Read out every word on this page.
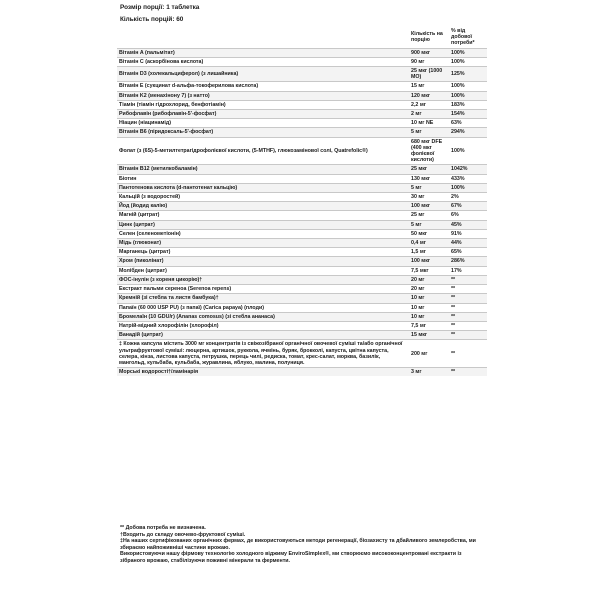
Розмір порції: 1 таблетка
Кількість порцій: 60
	Кількість на порцію	% від добової потреби*
Вітамін A (пальмітат)	900 мкг	100%
Вітамін C (аскорбінова кислота)	90 мг	100%
Вітамін D3 (холекальциферол) (з лишайника)	25 мкг (1000 МО)	125%
Вітамін E (сукцинат d-альфа-токоферилова кислота)	15 мг	100%
Вітамін K2 (менахінону 7) (з натто)	120 мкг	100%
Тіамін (тіамін гідрохлорид, бенфотіамін)	2,2 мг	183%
Рибофлавін (рибофлавін-5'-фосфат)	2 мг	154%
Ніацин (ніацинамід)	10 мг NE	63%
Вітамін B6 (піридоксаль-5'-фосфат)	5 мг	294%
Фолат (з (6S)-5-метилтетрагідрофолієвої кислоти, (5-MTHF), глюкозамінової солі, Quatrefolic®)	680 мкг DFE (400 мкг фолієвої кислоти)	100%
Вітамін B12 (метилкобаламін)	25 мкг	1042%
Біотин	130 мкг	433%
Пантотенова кислота (d-пантотенат кальцію)	5 мг	100%
Кальцій (з водоростей)	30 мг	2%
Йод (йодид калію)	100 мкг	67%
Магній (цитрат)	25 мг	6%
Цинк (цитрат)	5 мг	45%
Селен (селенометіонін)	50 мкг	91%
Мідь (глюконат)	0,4 мг	44%
Марганець (цитрат)	1,5 мг	65%
Хром (пиколінат)	100 мкг	286%
Молібден (цитрат)	7,5 мкг	17%
ФОС-інулін (з кореня цикорію)†	20 мг	**
Екстракт пальми серенoа (Serenoa repens)	20 мг	**
Кремній (зі стебла та листя бамбука)†	10 мг	**
Папаїн (60 000 USP PU) (з папаї) (Carica papaya) (плоди)	10 мг	**
Бромелаїн (10 GDU/г) (Ananas comosus) (зі стебла ананаса)	10 мг	**
Натрій-мідний хлорофілін (хлорофіл)	7,5 мг	**
Ванадій (цитрат)	15 мкг	**
‡ Кожна капсула містить 3000 мг концентратів із свіжозібраної органічної овочевої суміші та/або органічної ультрафруктової суміші: люцерна, артишок, руккола, ячмінь, буряк, брокколі, капуста, цвітна капуста, селера, кінза, листова капуста, петрушка, перець чилі, редиска, томат, крес-салат, морква, базилік, мангольд, кульбаба, кульбаба, журавлина, яблуко, малина, полуниця.	200 мг	**
Морські водорості†/ламінарія	3 мг	**
** Добова потреба не визначена.
†Входить до складу овочево-фруктової суміші.
‡На наших сертифікованих органічних фермах, де використовуються методи регенерації, біозахисту та дбайливого землеробства, ми збираємо найпоживніші частини врожаю.
Використовуючи нашу фірмову технологію холодного віджиму EnviroSimplex®, ми створюємо висококонцентровані екстракти із зібраного врожаю, стабілізуючи поживні мінерали та ферменти.
